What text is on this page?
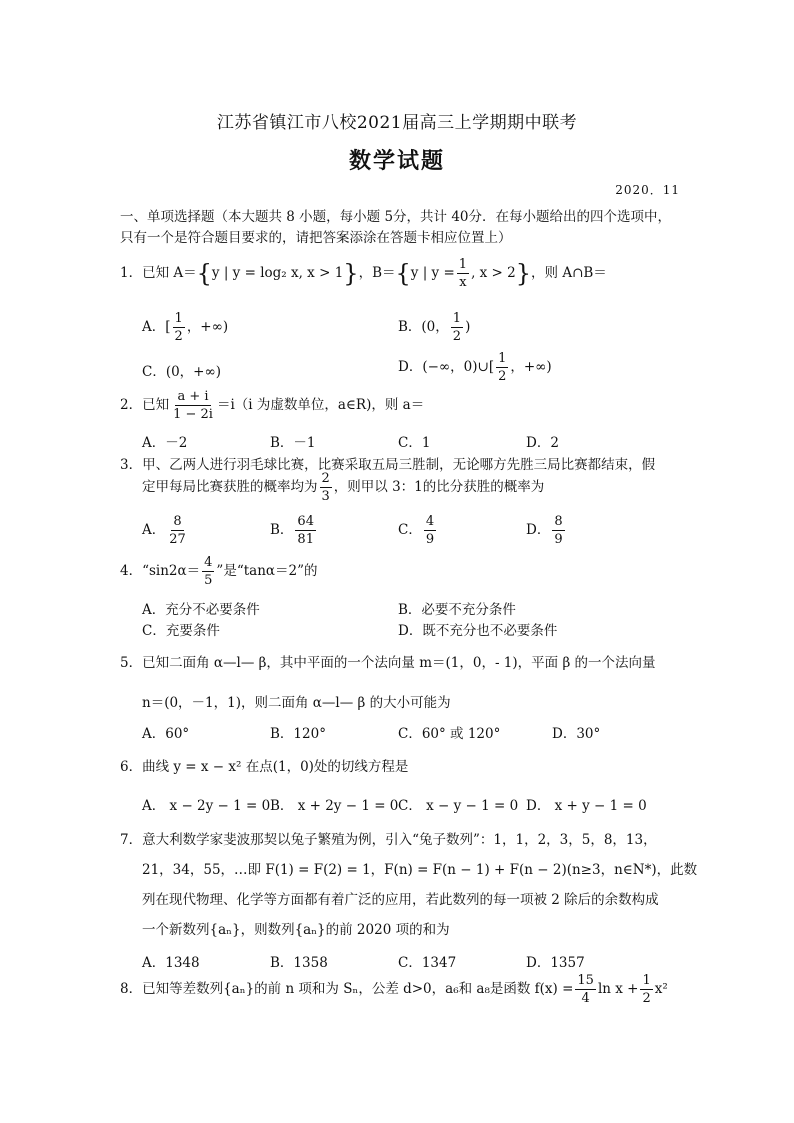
江苏省镇江市八校2021届高三上学期期中联考
数学试题
2020．11
一、单项选择题（本大题共 8 小题，每小题 5分，共计 40分．在每小题给出的四个选项中，
只有一个是符合题目要求的，请把答案添涂在答题卡相应位置上）
1．已知 A＝{y | y = log₂ x, x > 1}，B＝{y | $y = \frac{1}{x}$ , x > 2}，则 A∩B＝
A．[ $\frac{1}{2}$ ，+∞)	B．(0， $\frac{1}{2}$ )
C．(0，+∞)	D．(−∞，0)∪[ $\frac{1}{2}$ ，+∞)
2．已知 $\frac{a + i}{1 - 2i} =i(i$ 为虚数单位，a∈R)，则 a＝
A．－2	B．－1	C．1	D．2
3．甲、乙两人进行羽毛球比赛，比赛采取五局三胜制，无论哪方先胜三局比赛都结束，假
定甲每局比赛获胜的概率均为 $\frac{2}{3}$ ，则甲以 3：1的比分获胜的概率为
A． $\frac{8}{27}$	B． $\frac{64}{81}$	C． $\frac{4}{9}$	D． $\frac{8}{9}$
4．“$\sin 2\alpha= \frac{4}{5}$ ”是“tanα＝2”的
A．充分不必要条件	B．必要不充分条件
C．充要条件	D．既不充分也不必要条件
5．已知二面角 α—l— β，其中平面的一个法向量 m＝(1，0，- 1)，平面 β 的一个法向量
n＝(0，－1，1)，则二面角 α—l— β 的大小可能为
A．60°	B．120°	C．60° 或 120°	D．30°
6．曲线 y = x − x² 在点(1，0)处的切线方程是
A． x − 2y − 1 = 0 B． x + 2y − 1 = 0 C． x − y − 1 = 0 D． x + y − 1 = 0
7．意大利数学家斐波那契以兔子繁殖为例，引入“兔子数列”：1，1，2，3，5，8，13，
21，34，55，…即 F(1) = F(2) = 1，F(n) = F(n − 1) + F(n − 2)(n≥3，n∈N*)，此数
列在现代物理、化学等方面都有着广泛的应用，若此数列的每一项被 2 除后的余数构成
一个新数列{aₙ}，则数列{aₙ}的前 2020 项的和为
A．1348	B．1358	C．1347	D．1357
8．已知等差数列{aₙ}的前 n 项和为 Sₙ，公差 d>0，a₆和 a₈是函数 $f(x) = \frac{15}{4}$ $\ln x + \frac{1}{2} x^2$
